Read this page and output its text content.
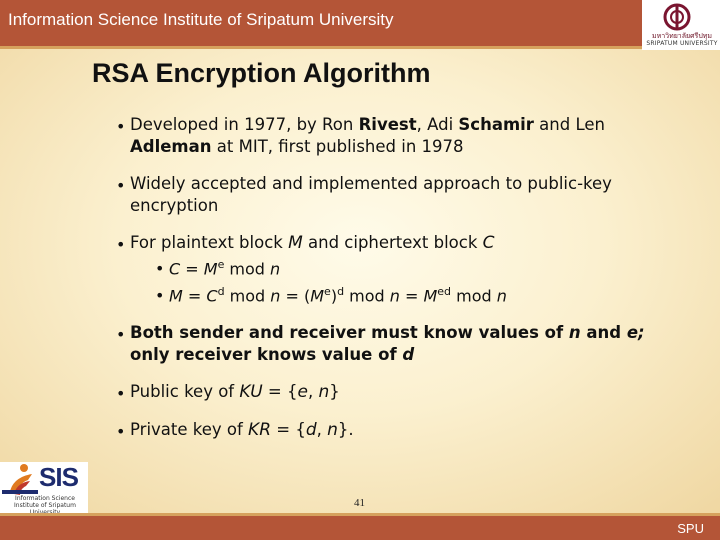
Information Science Institute of Sripatum University
มหาวิทยาลัยศรีปทุม
SRIPATUM UNIVERSITY
RSA Encryption Algorithm
• Developed in 1977, by Ron Rivest, Adi Schamir and Len
Adleman at MIT, first published in 1978
• Widely accepted and implemented approach to public-key encryption
• For plaintext block M and ciphertext block C
• $C = M^e$ mod n
• $M = C^d$ mod $n = (M^e)^d$ mod $n = M^{ed}$ mod n
• Both sender and receiver must know values of n and e;
only receiver knows value of d
• Public key of KU = {e, n}
• Private key of KR = {d, n}.
SIS
Information Science Institute of Sripatum	41
SPU
